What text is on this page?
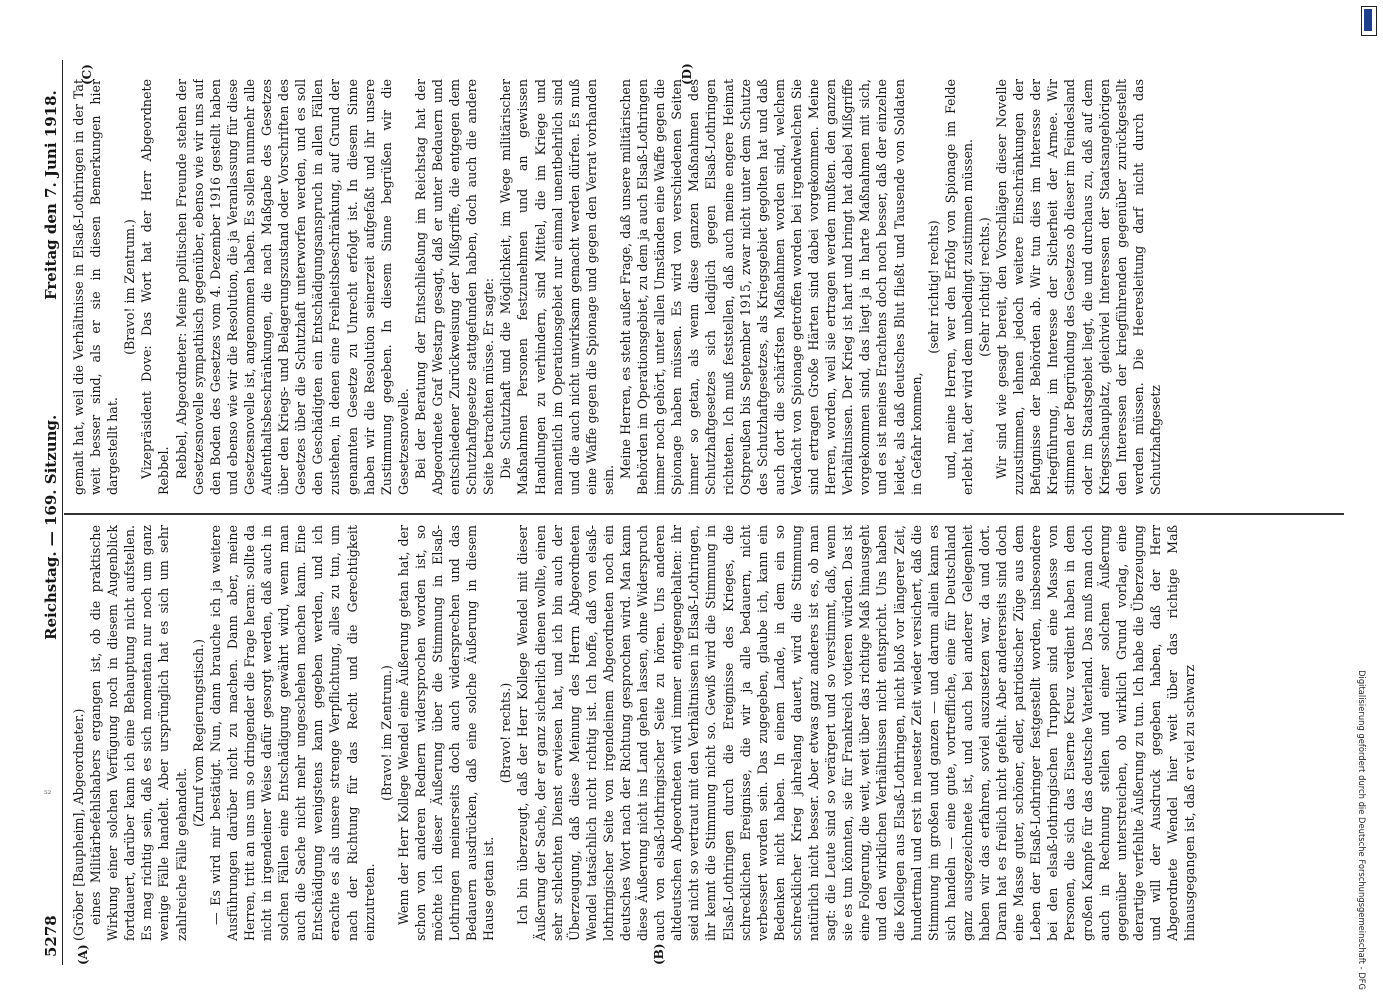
5278
Reichstag. — 169. Sitzung.
Freitag den 7. Juni 1918.
(A)	(B)
(C)	(D)

(Gröber [Baupheim], Abgeordneter.) eines Militärbefehlshabers ergangen ist, ob die praktische Wirkung einer solchen Verfügung noch in diesem Augenblick fortdauert, darüber kann ich eine Behauptung nicht aufstellen. Es mag richtig sein, daß es sich momentan nur noch um ganz wenige Fälle handelt. Aber ursprünglich hat es sich um sehr zahlreiche Fälle gehandelt.

(Zuruf vom Regierungstisch.) — Es wird mir bestätigt. Nun, dann brauche ich ja weitere Ausführungen darüber nicht zu machen. Dann aber, meine Herren, tritt an uns um so dringender die Frage heran: sollte da nicht in irgendeiner Weise dafür gesorgt werden, daß auch in solchen Fällen eine Entschädigung gewährt wird, wenn man auch die Sache nicht mehr ungeschehen machen kann. Eine Entschädigung wenigstens kann gegeben werden, und ich erachte es als unsere strenge Verpflichtung, alles zu tun, um nach der Richtung für das Recht und die Gerechtigkeit einzutreten.

(Bravo! im Zentrum.) Wenn der Herr Kollege Wendel eine Äußerung getan hat, der schon von anderen Rednern widersprochen worden ist, so möchte ich dieser Äußerung über die Stimmung in Elsaß-Lothringen meinerseits doch auch widersprechen und das Bedauern ausdrücken, daß eine solche Äußerung in diesem Hause getan ist.

(Bravo! rechts.) Ich bin überzeugt, daß der Herr Kollege Wendel mit dieser Äußerung der Sache, der er ganz sicherlich dienen wollte, einen sehr schlechten Dienst erwiesen hat, und ich bin auch der Überzeugung, daß diese Meinung des Herrn Abgeordneten Wendel tatsächlich nicht richtig ist. Ich hoffe, daß von elsaß-lothringischer Seite von irgendeinem Abgeordneten noch ein deutsches Wort nach der Richtung gesprochen wird. Man kann diese Äußerung nicht ins Land gehen lassen, ohne Widerspruch auch von elsaß-lothringischer Seite zu hören. Uns anderen altdeutschen Abgeordneten wird immer entgegengehalten: ihr seid nicht so vertraut mit den Verhältnissen in Elsaß-Lothringen, ihr kennt die Stimmung nicht so. Gewiß wird die Stimmung in Elsaß-Lothringen durch die Ereignisse des Krieges, die schrecklichen Ereignisse, die wir ja alle bedauern, nicht verbessert worden sein. Das zugegeben, glaube ich, kann ein Bedenken nicht haben. In einem Lande, in dem ein so schrecklicher Krieg jahrelang dauert, wird die Stimmung natürlich nicht besser. Aber etwas ganz anderes ist es, ob man sagt: die Leute sind so verärgert und so verstimmt, daß, wenn sie es tun könnten, sie für Frankreich votieren würden. Das ist eine Folgerung, die weit, weit über das richtige Maß hinausgeht und den wirklichen Verhältnissen nicht entspricht. Uns haben die Kollegen aus Elsaß-Lothringen, nicht bloß vor längerer Zeit, hundertmal und erst in neuester Zeit wieder versichert, daß die Stimmung im großen und ganzen — und darum allein kann es sich handeln — eine gute, vortreffliche, eine für Deutschland ganz ausgezeichnete ist, und auch bei anderer Gelegenheit haben wir das erfahren, soviel auszusetzen war, da und dort. Daran hat es freilich nicht gefehlt. Aber andererseits sind doch eine Masse guter, schöner, edler, patriotischer Züge aus dem Leben der Elsaß-Lothringer festgestellt worden, insbesondere bei den elsaß-lothringischen Truppen sind eine Masse von Personen, die sich das Eiserne Kreuz verdient haben in dem großen Kampfe für das deutsche Vaterland. Das muß man doch auch in Rechnung stellen und einer solchen Äußerung gegenüber unterstreichen, ob wirklich Grund vorlag, eine derartige verfehlte Äußerung zu tun. Ich habe die Überzeugung und will der Ausdruck gegeben haben, daß der Herr Abgeordnete Wendel hier weit über das richtige Maß hinausgegangen ist, daß er viel zu schwarz

gemalt hat, weil die Verhältnisse in Elsaß-Lothringen in der Tat weit besser sind, als er sie in diesen Bemerkungen hier dargestellt hat.

(Bravo! im Zentrum.) Vizepräsident Dove: Das Wort hat der Herr Abgeordnete Rebbel. Rebbel, Abgeordneter: Meine politischen Freunde stehen der Gesetzesnovelle sympathisch gegenüber, ebenso wie wir uns auf den Boden des Gesetzes vom 4. Dezember 1916 gestellt haben und ebenso wie wir die Resolution, die ja Veranlassung für diese Gesetzesnovelle ist, angenommen haben. Es sollen nunmehr alle Aufenthaltsbeschränkungen, die nach Maßgabe des Gesetzes über den Kriegs- und Belagerungszustand oder Vorschriften des Gesetzes über die Schutzhaft unterworfen werden, und es soll den Geschädigten ein Entschädigungsanspruch in allen Fällen zustehen, in denen eine Freiheitsbeschränkung, auf Grund der genannten Gesetze zu Unrecht erfolgt ist. In diesem Sinne haben wir die Resolution seinerzeit aufgefaßt und ihr unsere Zustimmung gegeben. In diesem Sinne begrüßen wir die Gesetzesnovelle. Bei der Beratung der Entschließung im Reichstag hat der Abgeordnete Graf Westarp gesagt, daß er unter Bedauern und entschiedener Zurückweisung der Mißgriffe, die entgegen dem Schutzhaftgesetze stattgefunden haben, doch auch die andere Seite betrachten müsse. Er sagte: Die Schutzhaft und die Möglichkeit, im Wege militärischer Maßnahmen Personen festzunehmen und an gewissen Handlungen zu verhindern, sind Mittel, die im Kriege und namentlich im Operationsgebiet nur einmal unentbehrlich sind und die auch nicht unwirksam gemacht werden dürfen. Es muß eine Waffe gegen die Spionage und gegen den Verrat vorhanden sein.

Meine Herren, es steht außer Frage, daß unsere militärischen Behörden im Operationsgebiet, zu dem ja auch Elsaß-Lothringen immer noch gehört, unter allen Umständen eine Waffe gegen die Spionage haben müssen. Es wird von verschiedenen Seiten immer so getan, als wenn diese ganzen Maßnahmen des Schutzhaftgesetzes sich lediglich gegen Elsaß-Lothringen richteten. Ich muß feststellen, daß auch meine engere Heimat Ostpreußen bis September 1915, zwar nicht unter dem Schutze des Schutzhaftgesetzes, als Kriegsgebiet gegolten hat und daß auch dort die schärfsten Maßnahmen worden sind, welchem Verdacht von Spionage getroffen worden bei irgendwelchen Sie sind ertragen Große Härten sind dabei vorgekommen. Meine Herren, worden, weil sie ertragen werden mußten. den ganzen Verhältnissen. Der Krieg ist hart und bringt hat dabei Mißgriffe vorgekommen sind, das liegt ja in harte Maßnahmen mit sich, und es ist meines Erachtens doch noch besser, daß der einzelne leidet, als daß deutsches Blut fließt und Tausende von Soldaten in Gefahr kommen,

(sehr richtig! rechts) und, meine Herren, wer den Erfolg von Spionage im Felde erlebt hat, der wird dem unbedingt zustimmen müssen. (Sehr richtig! rechts.) Wir sind wie gesagt bereit, den Vorschlägen dieser Novelle zuzustimmen, lehnen jedoch weitere Einschränkungen der Befugnisse der Behörden ab. Wir tun dies im Interesse der Kriegführung, im Interesse der Sicherheit der Armee. Wir stimmen der Begründung des Gesetzes ob dieser im Feindesland oder im Staatsgebiet liegt, die und durchaus zu, daß auf dem Kriegsschauplatz, gleichviel Interessen der Staatsangehörigen den Interessen der kriegführenden gegenüber zurückgestellt werden müssen. Die Heeresleitung darf nicht durch das Schutzhaftgesetz

⁵²	Digitalisierung gefördert durch die Deutsche Forschungsgemeinschaft - DFG
